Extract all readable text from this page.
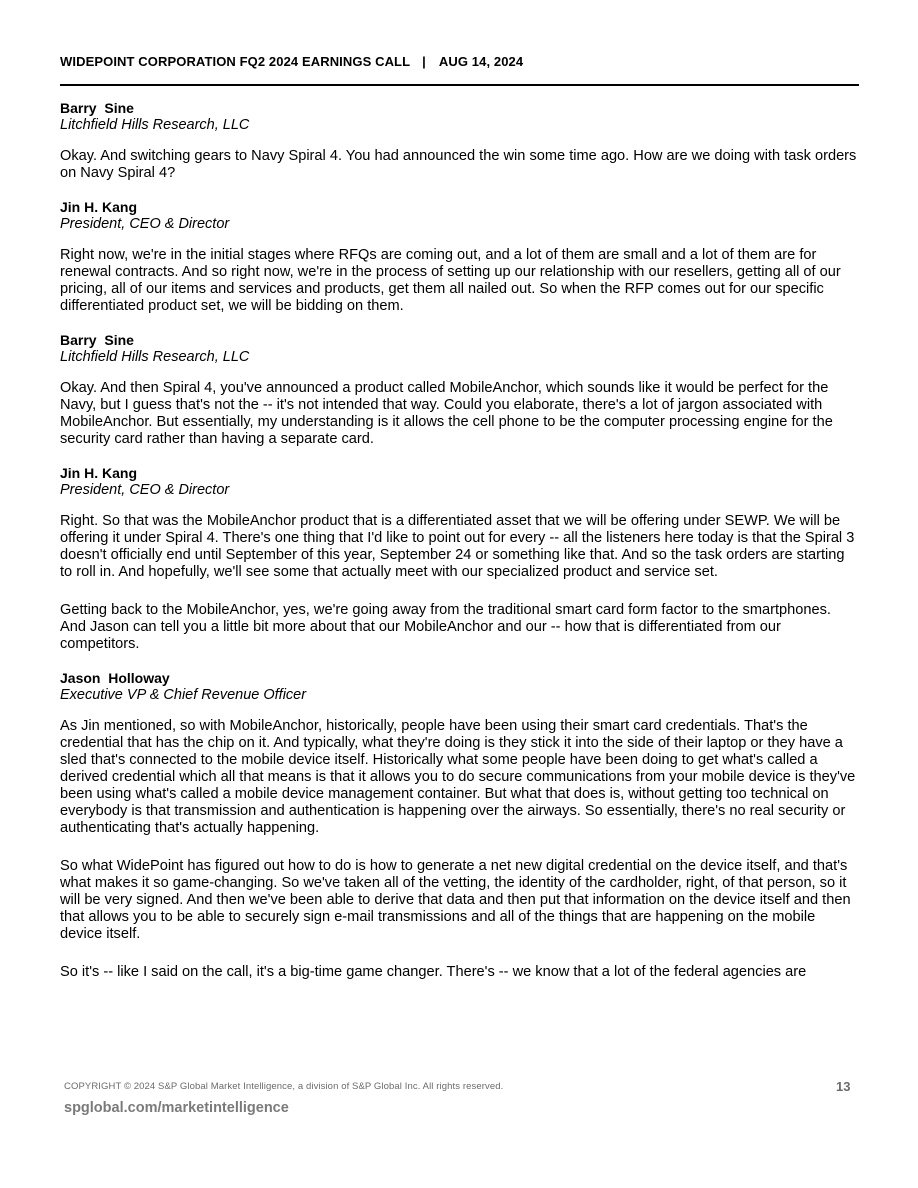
WIDEPOINT CORPORATION FQ2 2024 EARNINGS CALL | AUG 14, 2024

Barry  Sine

Litchfield Hills Research, LLC

Okay. And switching gears to Navy Spiral 4. You had announced the win some time ago. How are we doing with task orders on Navy Spiral 4?

Jin H. Kang

President, CEO & Director

Right now, we're in the initial stages where RFQs are coming out, and a lot of them are small and a lot of them are for renewal contracts. And so right now, we're in the process of setting up our relationship with our resellers, getting all of our pricing, all of our items and services and products, get them all nailed out. So when the RFP comes out for our specific differentiated product set, we will be bidding on them.

Barry  Sine

Litchfield Hills Research, LLC

Okay. And then Spiral 4, you've announced a product called MobileAnchor, which sounds like it would be perfect for the Navy, but I guess that's not the -- it's not intended that way. Could you elaborate, there's a lot of jargon associated with MobileAnchor. But essentially, my understanding is it allows the cell phone to be the computer processing engine for the security card rather than having a separate card.

Jin H. Kang

President, CEO & Director

Right. So that was the MobileAnchor product that is a differentiated asset that we will be offering under SEWP. We will be offering it under Spiral 4. There's one thing that I'd like to point out for every -- all the listeners here today is that the Spiral 3 doesn't officially end until September of this year, September 24 or something like that. And so the task orders are starting to roll in. And hopefully, we'll see some that actually meet with our specialized product and service set.

Getting back to the MobileAnchor, yes, we're going away from the traditional smart card form factor to the smartphones. And Jason can tell you a little bit more about that our MobileAnchor and our -- how that is differentiated from our competitors.

Jason  Holloway

Executive VP & Chief Revenue Officer

As Jin mentioned, so with MobileAnchor, historically, people have been using their smart card credentials. That's the credential that has the chip on it. And typically, what they're doing is they stick it into the side of their laptop or they have a sled that's connected to the mobile device itself. Historically what some people have been doing to get what's called a derived credential which all that means is that it allows you to do secure communications from your mobile device is they've been using what's called a mobile device management container. But what that does is, without getting too technical on everybody is that transmission and authentication is happening over the airways. So essentially, there's no real security or authenticating that's actually happening.

So what WidePoint has figured out how to do is how to generate a net new digital credential on the device itself, and that's what makes it so game-changing. So we've taken all of the vetting, the identity of the cardholder, right, of that person, so it will be very signed. And then we've been able to derive that data and then put that information on the device itself and then that allows you to be able to securely sign e-mail transmissions and all of the things that are happening on the mobile device itself.

So it's -- like I said on the call, it's a big-time game changer. There's -- we know that a lot of the federal agencies are

COPYRIGHT © 2024 S&P Global Market Intelligence, a division of S&P Global Inc. All rights reserved.	13
spglobal.com/marketintelligence
